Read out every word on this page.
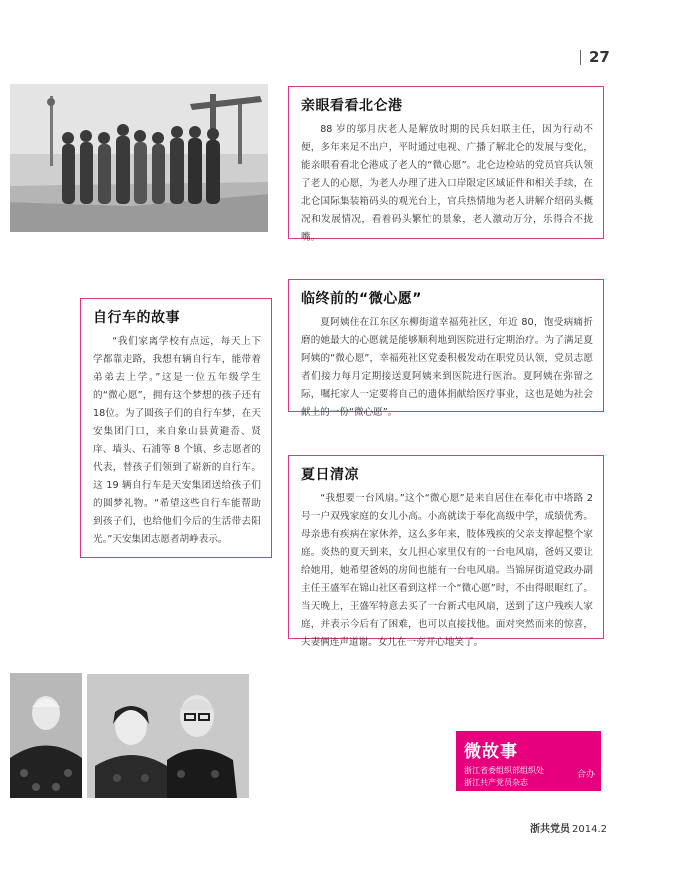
27
亲眼看看北仑港

88 岁的邬月庆老人是解放时期的民兵妇联主任，因为行动不便，多年来足不出户，平时通过电视、广播了解北仑的发展与变化，能亲眼看看北仑港成了老人的“微心愿”。北仑边检站的党员官兵认领了老人的心愿，为老人办理了进入口岸限定区域证件和相关手续，在北仑国际集装箱码头的观光台上，官兵热情地为老人讲解介绍码头概况和发展情况，看着码头繁忙的景象，老人激动万分，乐得合不拢嘴。

临终前的“微心愿”

夏阿姨住在江东区东柳街道幸福苑社区，年近 80，饱受病痛折磨的她最大的心愿就是能够顺利地到医院进行定期治疗。为了满足夏阿姨的“微心愿”，幸福苑社区党委积极发动在职党员认领，党员志愿者们接力每月定期接送夏阿姨来到医院进行医治。夏阿姨在弥留之际，嘱托家人一定要将自己的遗体捐献给医疗事业，这也是她为社会献上的一份“微心愿”。

自行车的故事

“我们家离学校有点远，每天上下学都靠走路，我想有辆自行车，能带着弟弟去上学。”这是一位五年级学生的“微心愿”，拥有这个梦想的孩子还有 18位。为了圆孩子们的自行车梦，在天安集团门口，来自象山县黄避岙、贤庠、墙头、石浦等 8 个镇、乡志愿者的代表，替孩子们领到了崭新的自行车。这 19 辆自行车是天安集团送给孩子们的圆梦礼物。“希望这些自行车能帮助到孩子们，也给他们今后的生活带去阳光。”天安集团志愿者胡峥表示。

夏日清凉

“我想要一台风扇。”这个“微心愿”是来自居住在奉化市中塔路 2 号一户双残家庭的女儿小高。小高就读于奉化高级中学，成绩优秀。母亲患有疾病在家休养，这么多年来，肢体残疾的父亲支撑起整个家庭。炎热的夏天到来，女儿担心家里仅有的一台电风扇，爸妈又要让给她用，她希望爸妈的房间也能有一台电风扇。当锦屏街道党政办副主任王盛军在锦山社区看到这样一个“微心愿”时，不由得眼眶红了。当天晚上，王盛军特意去买了一台新式电风扇，送到了这户残疾人家庭，并表示今后有了困难，也可以直接找他。面对突然而来的惊喜，夫妻俩连声道谢。女儿在一旁开心地笑了。

微故事
浙江省委组织部组织处
浙江共产党员杂志
合办
浙共党员 2014.2
